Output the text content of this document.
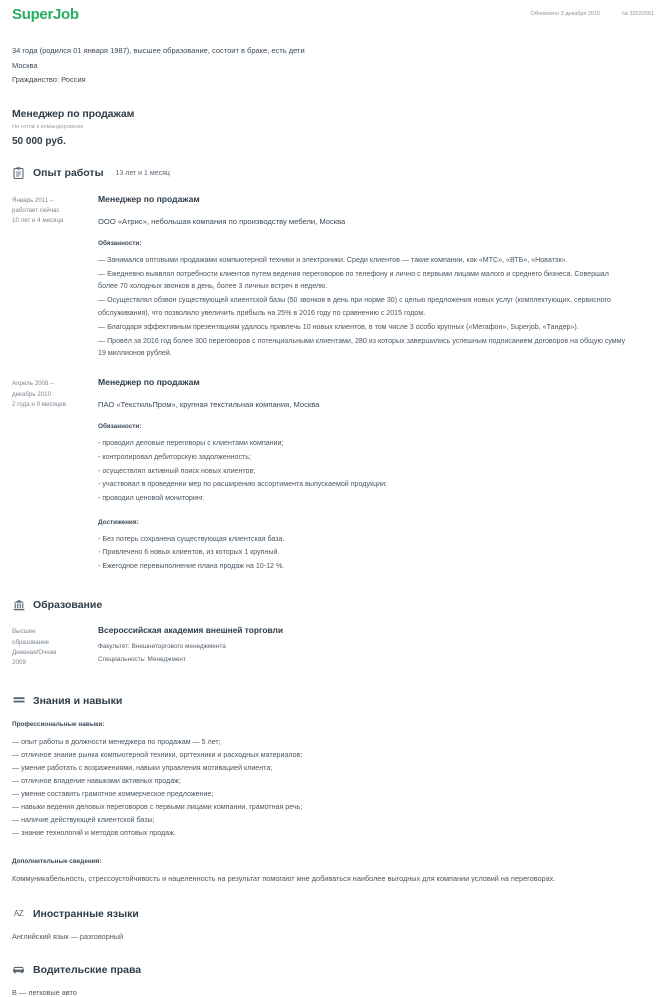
SuperJob	Обновлено 3 декабря 2015	№ 33222561
34 года (родился 01 января 1987), высшее образование, состоит в браке, есть дети
Москва
Гражданство: Россия
Менеджер по продажам
Не готов к командировкам
50 000 руб.
Опыт работы 13 лет и 1 месяц
Январь 2011 –
работает сейчас
10 лет и 4 месяца
Менеджер по продажам
ООО «Атрис», небольшая компания по производству мебели, Москва
Обязанности:
— Занимался оптовыми продажами компьютерной техники и электроники. Среди клиентов — такие компании, как «МТС», «ВТБ», «Новатэк».
— Ежедневно выявлял потребности клиентов путем ведения переговоров по телефону и лично с первыми лицами малого и среднего бизнеса. Совершал более 70 холодных звонков в день, более 3 личных встреч в неделю.
— Осуществлял обзвон существующей клиентской базы (50 звонков в день при норме 30) с целью предложения новых услуг (комплектующих, сервисного обслуживания), что позволило увеличить прибыль на 25% в 2016 году по сравнению с 2015 годом.
— Благодаря эффективным презентациям удалось привлечь 10 новых клиентов, в том числе 3 особо крупных («Мегафон», Superjob, «Тандер»).
— Провёл за 2016 год более 300 переговоров с потенциальными клиентами, 280 из которых завершились успешным подписанием договоров на общую сумму 19 миллионов рублей.
Апрель 2008 –
декабрь 2010
2 года и 9 месяцев
Менеджер по продажам
ПАО «ТекстильПром», крупная текстильная компания, Москва
Обязанности:
- проводил деловые переговоры с клиентами компании;
- контролировал дебиторскую задолженность;
- осуществлял активный поиск новых клиентов;
- участвовал в проведении мер по расширению ассортимента выпускаемой продукции;
- проводил ценовой мониторинг.
Достижения:
- Без потерь сохранена существующая клиентская база.
- Привлечено 6 новых клиентов, из которых 1 крупный.
- Ежегодное перевыполнение плана продаж на 10-12 %.
Образование
Высшее
образование
Дневная/Очная
2009
Всероссийская академия внешней торговли
Факультет: Внешнеторгового менеджмента
Специальность: Менеджмент
Знания и навыки
Профессиональные навыки:
— опыт работы в должности менеджера по продажам — 5 лет;
— отличное знание рынка компьютерной техники, оргтехники и расходных материалов;
— умение работать с возражениями, навыки управления мотивацией клиента;
— отличное владение навыками активных продаж;
— умение составить грамотное коммерческое предложение;
— навыки ведения деловых переговоров с первыми лицами компании, грамотная речь;
— наличие действующей клиентской базы;
— знание технологий и методов оптовых продаж.
Дополнительные сведения:
Коммуникабельность, стрессоустойчивость и нацеленность на результат помогают мне добиваться наиболее выгодных для компании условий на переговорах.
AZ Иностранные языки
Английский язык — разговорный
Водительские права
B — легковые авто
